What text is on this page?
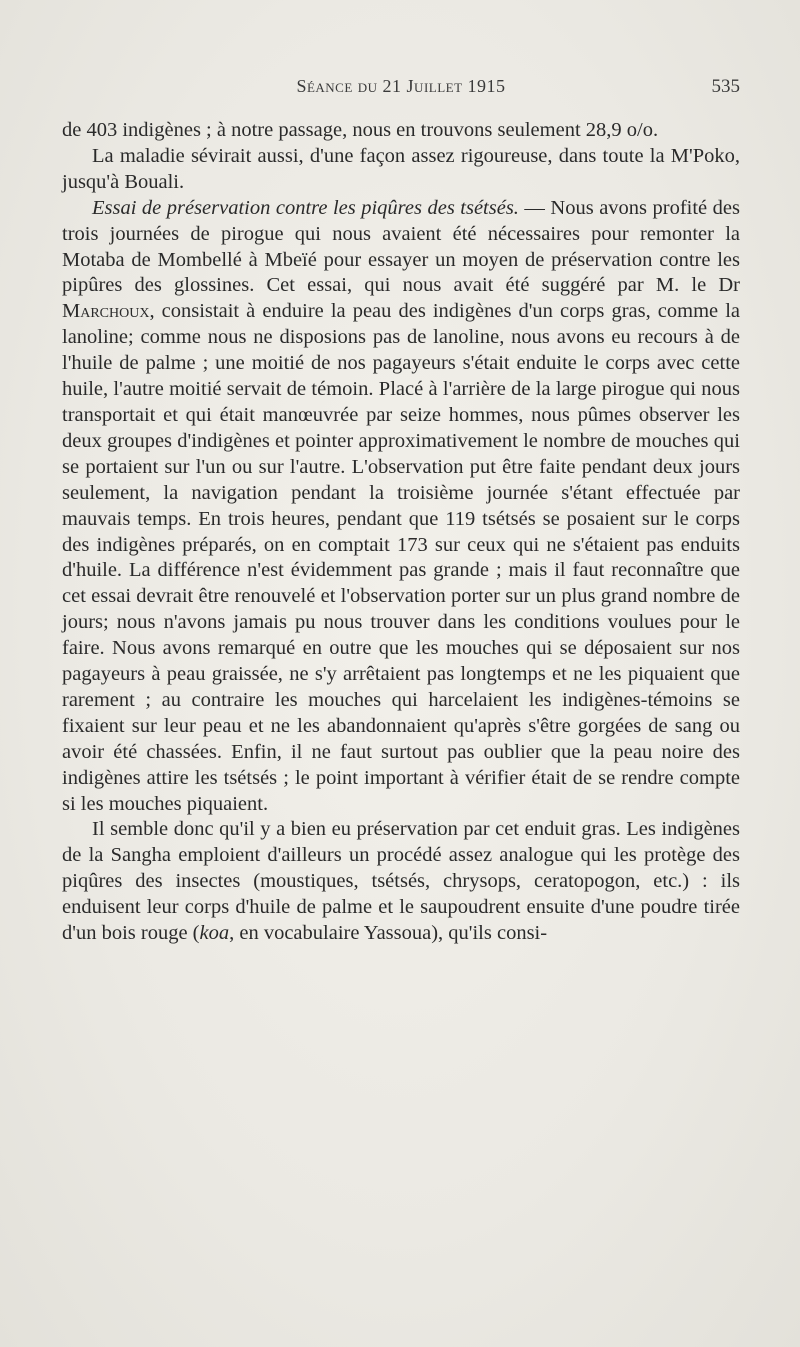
Séance du 21 Juillet 1915	535

de 403 indigènes ; à notre passage, nous en trouvons seulement 28,9 o/o.

La maladie sévirait aussi, d'une façon assez rigoureuse, dans toute la M'Poko, jusqu'à Bouali.

Essai de préservation contre les piqûres des tsétsés. — Nous avons profité des trois journées de pirogue qui nous avaient été nécessaires pour remonter la Motaba de Mombellé à Mbeïé pour essayer un moyen de préservation contre les pipûres des glossines. Cet essai, qui nous avait été suggéré par M. le Dr Marchoux, consistait à enduire la peau des indigènes d'un corps gras, comme la lanoline; comme nous ne disposions pas de lanoline, nous avons eu recours à de l'huile de palme ; une moitié de nos pagayeurs s'était enduite le corps avec cette huile, l'autre moitié servait de témoin. Placé à l'arrière de la large pirogue qui nous transportait et qui était manœuvrée par seize hommes, nous pûmes observer les deux groupes d'indigènes et pointer approximativement le nombre de mouches qui se portaient sur l'un ou sur l'autre. L'observation put être faite pendant deux jours seulement, la navigation pendant la troisième journée s'étant effectuée par mauvais temps. En trois heures, pendant que 119 tsétsés se posaient sur le corps des indigènes préparés, on en comptait 173 sur ceux qui ne s'étaient pas enduits d'huile. La différence n'est évidemment pas grande ; mais il faut reconnaître que cet essai devrait être renouvelé et l'observation porter sur un plus grand nombre de jours; nous n'avons jamais pu nous trouver dans les conditions voulues pour le faire. Nous avons remarqué en outre que les mouches qui se déposaient sur nos pagayeurs à peau graissée, ne s'y arrêtaient pas longtemps et ne les piquaient que rarement ; au contraire les mouches qui harcelaient les indigènes-témoins se fixaient sur leur peau et ne les abandonnaient qu'après s'être gorgées de sang ou avoir été chassées. Enfin, il ne faut surtout pas oublier que la peau noire des indigènes attire les tsétsés ; le point important à vérifier était de se rendre compte si les mouches piquaient.

Il semble donc qu'il y a bien eu préservation par cet enduit gras. Les indigènes de la Sangha emploient d'ailleurs un procédé assez analogue qui les protège des piqûres des insectes (moustiques, tsétsés, chrysops, ceratopogon, etc.) : ils enduisent leur corps d'huile de palme et le saupoudrent ensuite d'une poudre tirée d'un bois rouge (koa, en vocabulaire Yassoua), qu'ils consi-
